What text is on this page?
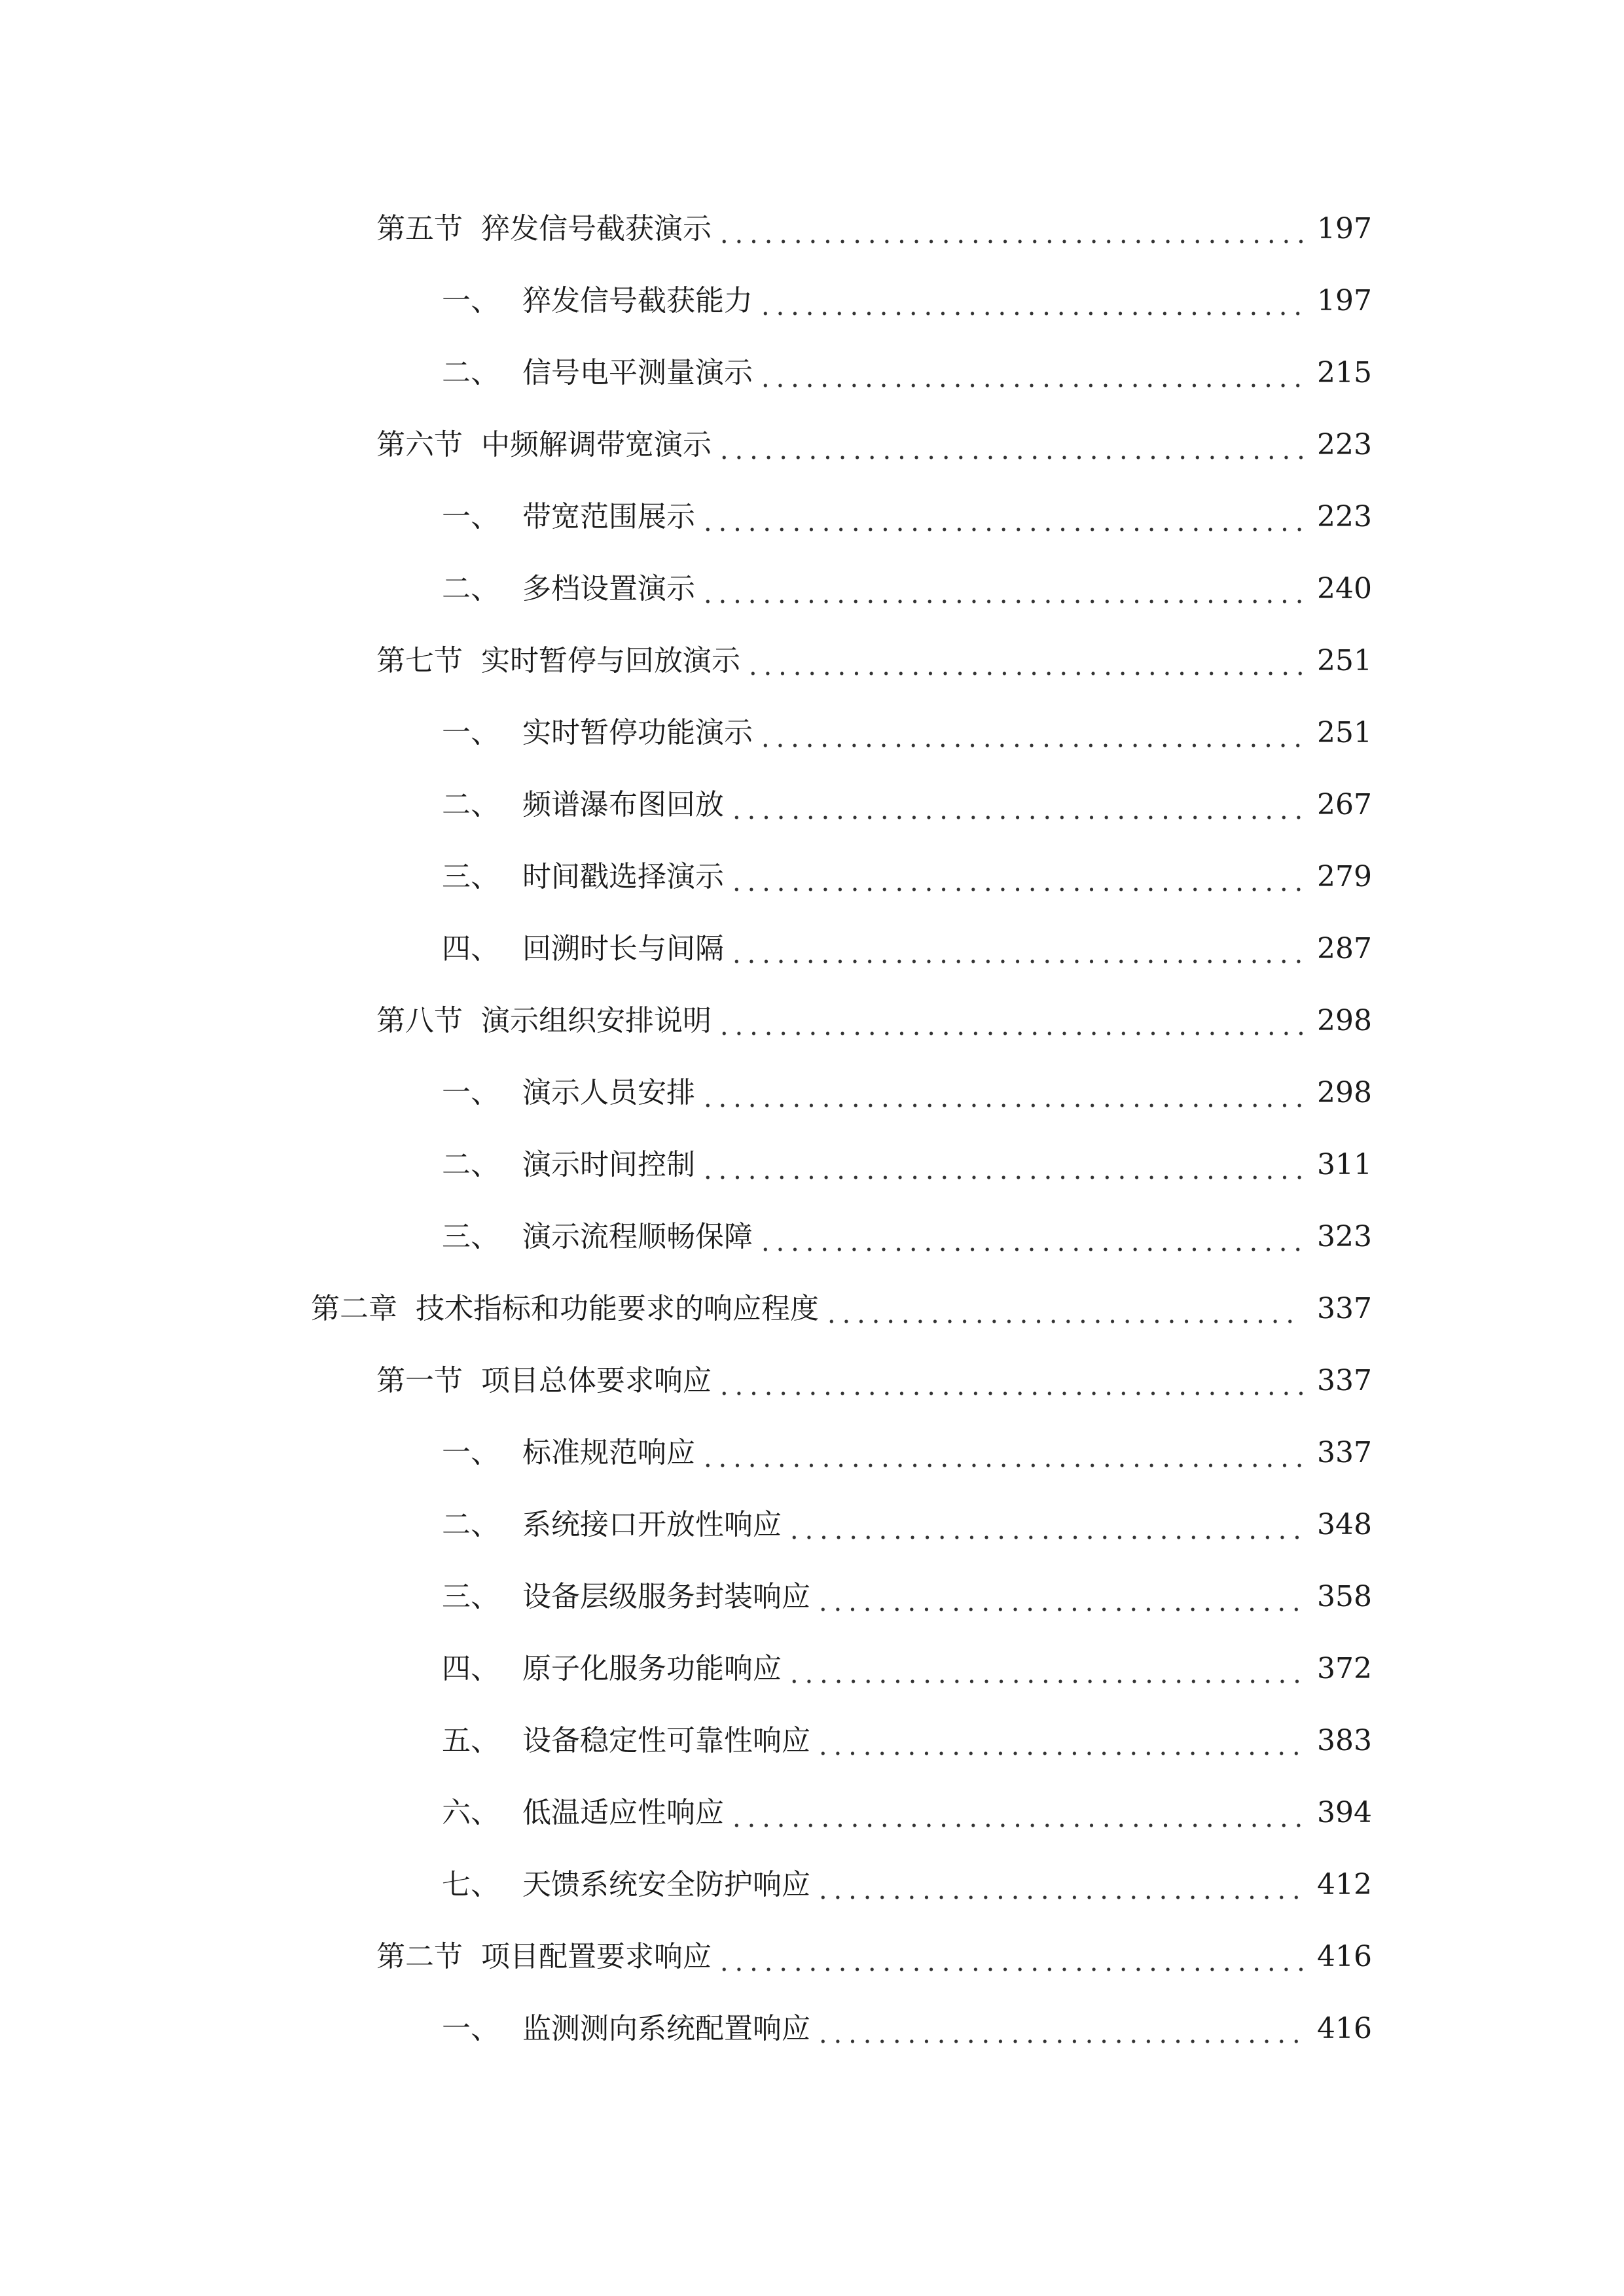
第五节 猝发信号截获演示	197
一、 猝发信号截获能力	197
二、 信号电平测量演示	215
第六节 中频解调带宽演示	223
一、 带宽范围展示	223
二、 多档设置演示	240
第七节 实时暂停与回放演示	251
一、 实时暂停功能演示	251
二、 频谱瀑布图回放	267
三、 时间戳选择演示	279
四、 回溯时长与间隔	287
第八节 演示组织安排说明	298
一、 演示人员安排	298
二、 演示时间控制	311
三、 演示流程顺畅保障	323
第二章 技术指标和功能要求的响应程度	337
第一节 项目总体要求响应	337
一、 标准规范响应	337
二、 系统接口开放性响应	348
三、 设备层级服务封装响应	358
四、 原子化服务功能响应	372
五、 设备稳定性可靠性响应	383
六、 低温适应性响应	394
七、 天馈系统安全防护响应	412
第二节 项目配置要求响应	416
一、 监测测向系统配置响应	416
